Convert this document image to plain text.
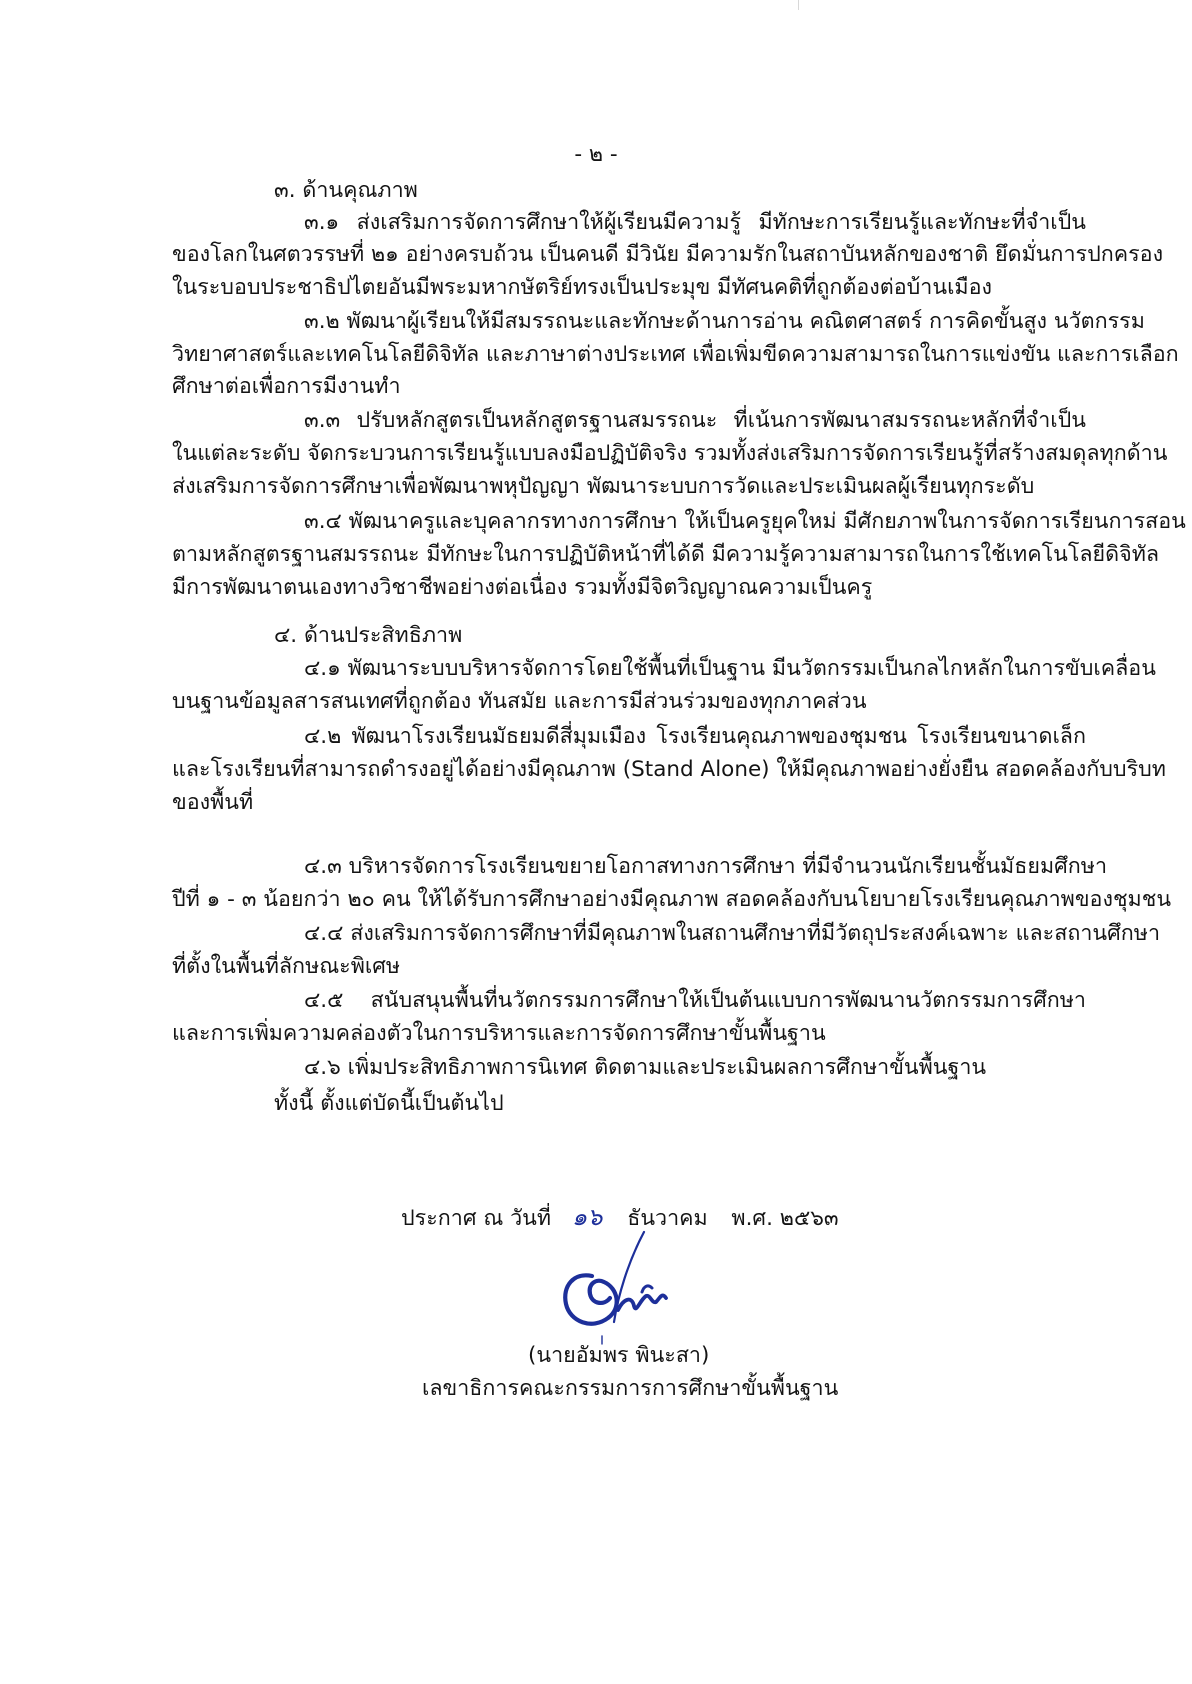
- ๒ -
๓. ด้านคุณภาพ
๓.๑ ส่งเสริมการจัดการศึกษาให้ผู้เรียนมีความรู้ มีทักษะการเรียนรู้และทักษะที่จำเป็น
ของโลกในศตวรรษที่ ๒๑ อย่างครบถ้วน เป็นคนดี มีวินัย มีความรักในสถาบันหลักของชาติ ยึดมั่นการปกครอง
ในระบอบประชาธิปไตยอันมีพระมหากษัตริย์ทรงเป็นประมุข มีทัศนคติที่ถูกต้องต่อบ้านเมือง
๓.๒ พัฒนาผู้เรียนให้มีสมรรถนะและทักษะด้านการอ่าน คณิตศาสตร์ การคิดขั้นสูง นวัตกรรม
วิทยาศาสตร์และเทคโนโลยีดิจิทัล และภาษาต่างประเทศ เพื่อเพิ่มขีดความสามารถในการแข่งขัน และการเลือก
ศึกษาต่อเพื่อการมีงานทำ
๓.๓ ปรับหลักสูตรเป็นหลักสูตรฐานสมรรถนะ ที่เน้นการพัฒนาสมรรถนะหลักที่จำเป็น
ในแต่ละระดับ จัดกระบวนการเรียนรู้แบบลงมือปฏิบัติจริง รวมทั้งส่งเสริมการจัดการเรียนรู้ที่สร้างสมดุลทุกด้าน
ส่งเสริมการจัดการศึกษาเพื่อพัฒนาพหุปัญญา พัฒนาระบบการวัดและประเมินผลผู้เรียนทุกระดับ
๓.๔ พัฒนาครูและบุคลากรทางการศึกษา ให้เป็นครูยุคใหม่ มีศักยภาพในการจัดการเรียนการสอน
ตามหลักสูตรฐานสมรรถนะ มีทักษะในการปฏิบัติหน้าที่ได้ดี มีความรู้ความสามารถในการใช้เทคโนโลยีดิจิทัล
มีการพัฒนาตนเองทางวิชาชีพอย่างต่อเนื่อง รวมทั้งมีจิตวิญญาณความเป็นครู
๔. ด้านประสิทธิภาพ
๔.๑ พัฒนาระบบบริหารจัดการโดยใช้พื้นที่เป็นฐาน มีนวัตกรรมเป็นกลไกหลักในการขับเคลื่อน
บนฐานข้อมูลสารสนเทศที่ถูกต้อง ทันสมัย และการมีส่วนร่วมของทุกภาคส่วน
๔.๒ พัฒนาโรงเรียนมัธยมดีสี่มุมเมือง โรงเรียนคุณภาพของชุมชน โรงเรียนขนาดเล็ก
และโรงเรียนที่สามารถดำรงอยู่ได้อย่างมีคุณภาพ (Stand Alone) ให้มีคุณภาพอย่างยั่งยืน สอดคล้องกับบริบท
ของพื้นที่
๔.๓ บริหารจัดการโรงเรียนขยายโอกาสทางการศึกษา ที่มีจำนวนนักเรียนชั้นมัธยมศึกษา
ปีที่ ๑ - ๓ น้อยกว่า ๒๐ คน ให้ได้รับการศึกษาอย่างมีคุณภาพ สอดคล้องกับนโยบายโรงเรียนคุณภาพของชุมชน
๔.๔ ส่งเสริมการจัดการศึกษาที่มีคุณภาพในสถานศึกษาที่มีวัตถุประสงค์เฉพาะ และสถานศึกษา
ที่ตั้งในพื้นที่ลักษณะพิเศษ
๔.๕ สนับสนุนพื้นที่นวัตกรรมการศึกษาให้เป็นต้นแบบการพัฒนานวัตกรรมการศึกษา
และการเพิ่มความคล่องตัวในการบริหารและการจัดการศึกษาขั้นพื้นฐาน
๔.๖ เพิ่มประสิทธิภาพการนิเทศ ติดตามและประเมินผลการศึกษาขั้นพื้นฐาน
ทั้งนี้ ตั้งแต่บัดนี้เป็นต้นไป
ประกาศ ณ วันที่ ๑๖ ธันวาคม พ.ศ. ๒๕๖๓
(นายอัมพร พินะสา)
เลขาธิการคณะกรรมการการศึกษาขั้นพื้นฐาน
